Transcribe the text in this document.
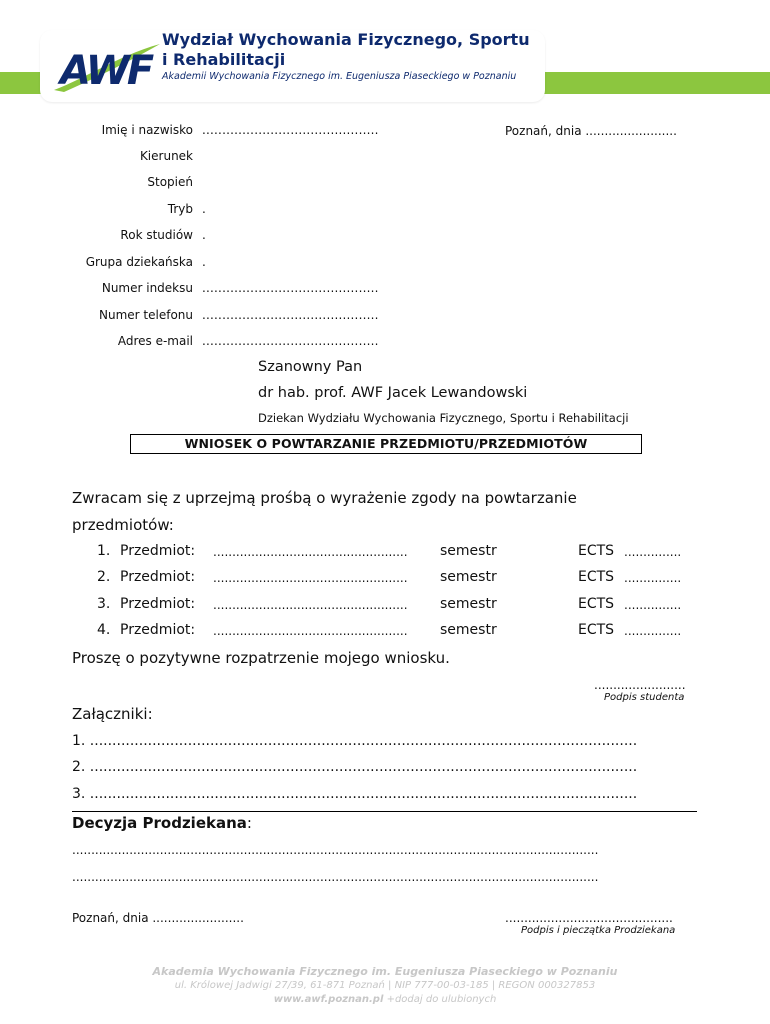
AWF
Wydział Wychowania Fizycznego, Sportu
i Rehabilitacji
Akademii Wychowania Fizycznego im. Eugeniusza Piaseckiego w Poznaniu
Imię i nazwisko ............................................	Poznań, dnia ........................
Kierunek
Stopień
Tryb .
Rok studiów .
Grupa dziekańska .
Numer indeksu ............................................
Numer telefonu ............................................
Adres e-mail ............................................
Szanowny Pan
dr hab. prof. AWF Jacek Lewandowski
Dziekan Wydziału Wychowania Fizycznego, Sportu i Rehabilitacji
WNIOSEK O POWTARZANIE PRZEDMIOTU/PRZEDMIOTÓW
Zwracam się z uprzejmą prośbą o wyrażenie zgody na powtarzanie
przedmiotów:
1. Przedmiot: ................................................... semestr	ECTS ...............
2. Przedmiot: ................................................... semestr	ECTS ...............
3. Przedmiot: ................................................... semestr	ECTS ...............
4. Przedmiot: ................................................... semestr	ECTS ...............
Proszę o pozytywne rozpatrzenie mojego wniosku.
........................
Podpis studenta
Załączniki:
1. ...........................................................................................................................
2. ...........................................................................................................................
3. ...........................................................................................................................
Decyzja Prodziekana:
..........................................................................................................................................
..........................................................................................................................................
Poznań, dnia ........................	............................................
Podpis i pieczątka Prodziekana
Akademia Wychowania Fizycznego im. Eugeniusza Piaseckiego w Poznaniu
ul. Królowej Jadwigi 27/39, 61-871 Poznań | NIP 777-00-03-185 | REGON 000327853
www.awf.poznan.pl +dodaj do ulubionych
